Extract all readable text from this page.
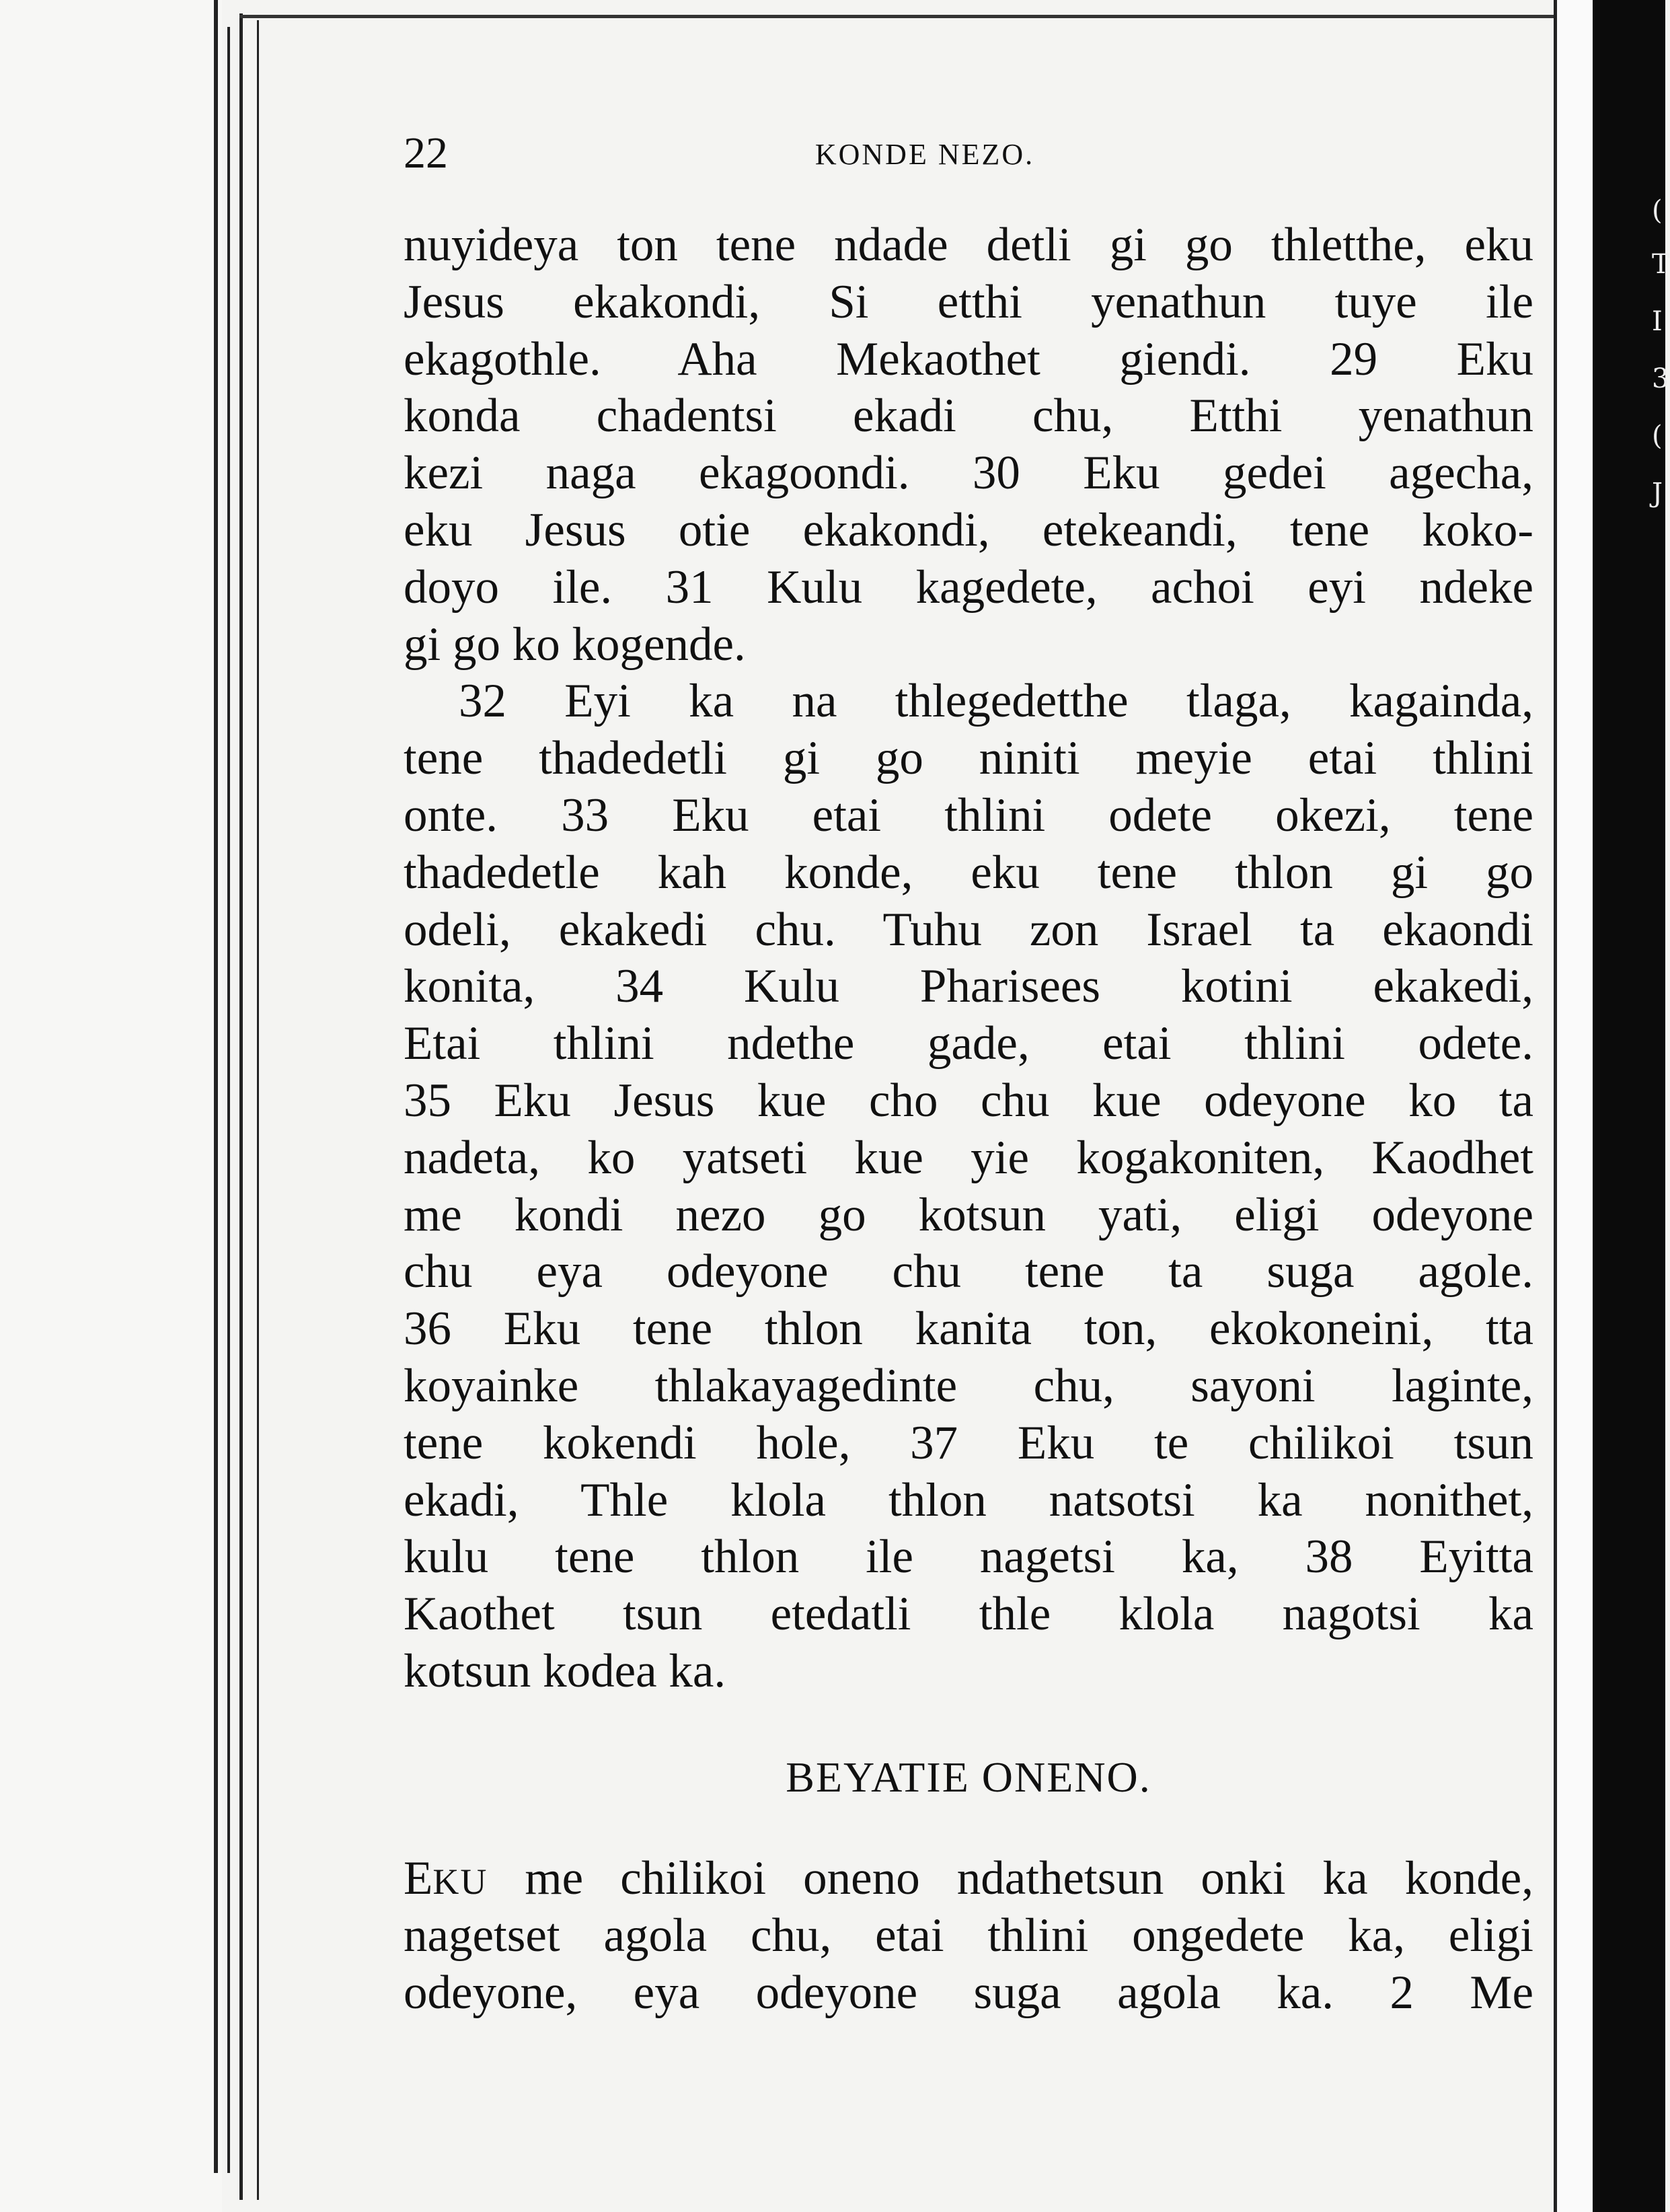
(
T
I
3
(
J
22	KONDE NEZO.
nuyideya ton tene ndade detli gi go thletthe, eku
Jesus ekakondi, Si etthi yenathun tuye ile
ekagothle. Aha Mekaothet giendi. 29 Eku
konda chadentsi ekadi chu, Etthi yenathun
kezi naga ekagoondi. 30 Eku gedei agecha,
eku Jesus otie ekakondi, etekeandi, tene koko-
doyo ile. 31 Kulu kagedete, achoi eyi ndeke
gi go ko kogende.
32 Eyi ka na thlegedetthe tlaga, kagainda,
tene thadedetli gi go niniti meyie etai thlini
onte. 33 Eku etai thlini odete okezi, tene
thadedetle kah konde, eku tene thlon gi go
odeli, ekakedi chu. Tuhu zon Israel ta ekaondi
konita, 34 Kulu Pharisees kotini ekakedi,
Etai thlini ndethe gade, etai thlini odete.
35 Eku Jesus kue cho chu kue odeyone ko ta
nadeta, ko yatseti kue yie kogakoniten, Kaodhet
me kondi nezo go kotsun yati, eligi odeyone
chu eya odeyone chu tene ta suga agole.
36 Eku tene thlon kanita ton, ekokoneini, tta
koyainke thlakayagedinte chu, sayoni laginte,
tene kokendi hole, 37 Eku te chilikoi tsun
ekadi, Thle klola thlon natsotsi ka nonithet,
kulu tene thlon ile nagetsi ka, 38 Eyitta
Kaothet tsun etedatli thle klola nagotsi ka
kotsun kodea ka.
BEYATIE ONENO.
EKU me chilikoi oneno ndathetsun onki ka konde,
nagetset agola chu, etai thlini ongedete ka, eligi
odeyone, eya odeyone suga agola ka. 2 Me
